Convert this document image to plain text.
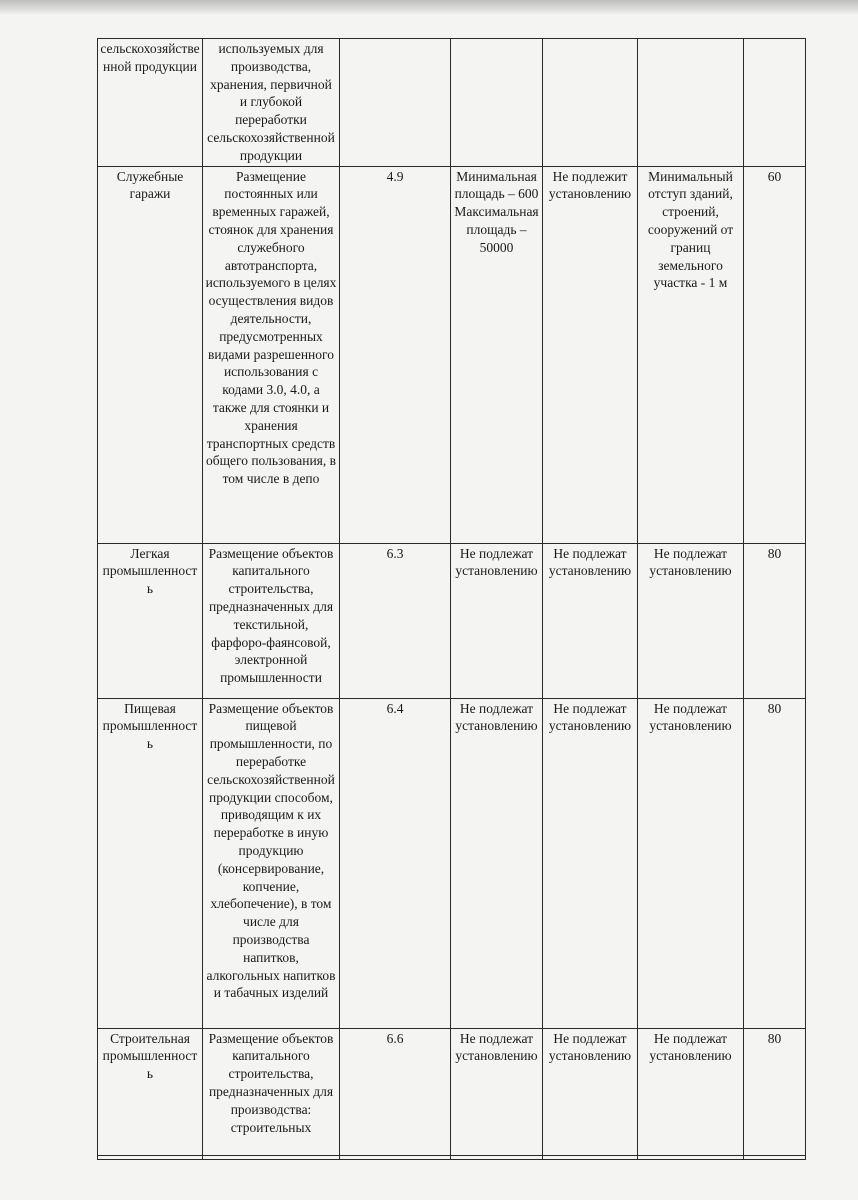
сельскохозяйственной продукции	используемых для производства, хранения, первичной и глубокой переработки сельскохозяйственной продукции					
Служебные гаражи	Размещение постоянных или временных гаражей, стоянок для хранения служебного автотранспорта, используемого в целях осуществления видов деятельности, предусмотренных видами разрешенного использования с кодами 3.0, 4.0, а также для стоянки и хранения транспортных средств общего пользования, в том числе в депо	4.9	Минимальная площадь – 600 Максимальная площадь – 50000	Не подлежит установлению	Минимальный отступ зданий, строений, сооружений от границ земельного участка - 1 м	60
Легкая промышленность	Размещение объектов капитального строительства, предназначенных для текстильной, фарфоро-фаянсовой, электронной промышленности	6.3	Не подлежат установлению	Не подлежат установлению	Не подлежат установлению	80
Пищевая промышленность	Размещение объектов пищевой промышленности, по переработке сельскохозяйственной продукции способом, приводящим к их переработке в иную продукцию (консервирование, копчение, хлебопечение), в том числе для производства напитков, алкогольных напитков и табачных изделий	6.4	Не подлежат установлению	Не подлежат установлению	Не подлежат установлению	80
Строительная промышленность	Размещение объектов капитального строительства, предназначенных для производства: строительных	6.6	Не подлежат установлению	Не подлежат установлению	Не подлежат установлению	80
